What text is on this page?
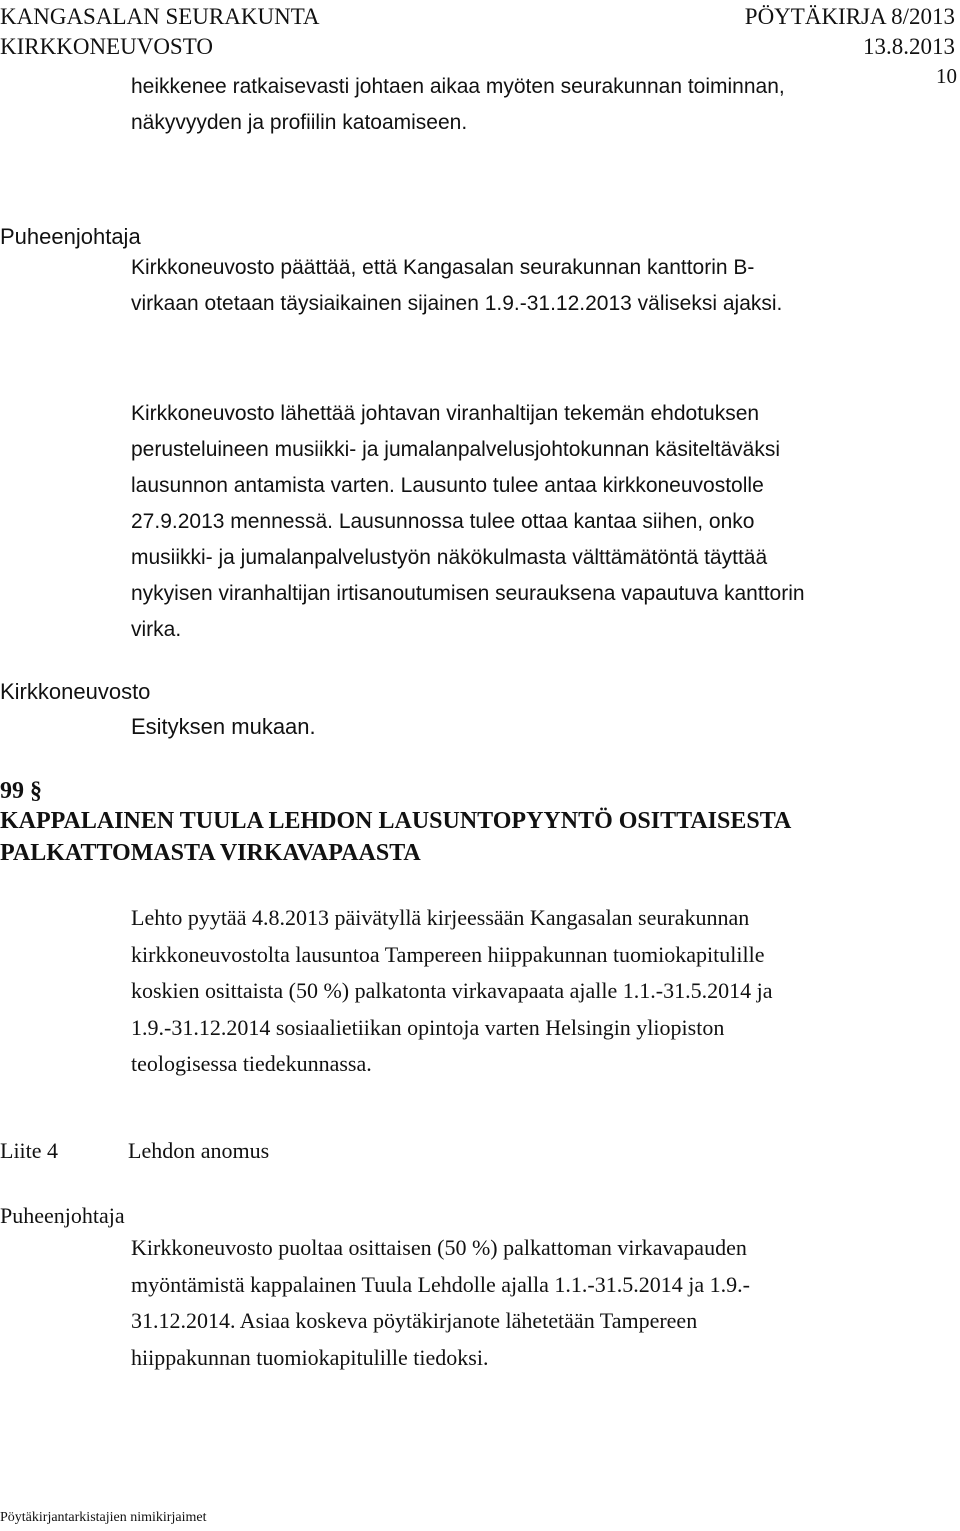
KANGASALAN SEURAKUNTA	PÖYTÄKIRJA 8/2013
KIRKKONEUVOSTO	13.8.2013
10
heikkenee ratkaisevasti johtaen aikaa myöten seurakunnan toiminnan,
näkyvyyden ja profiilin katoamiseen.
Puheenjohtaja
Kirkkoneuvosto päättää, että Kangasalan seurakunnan kanttorin B-
virkaan otetaan täysiaikainen sijainen 1.9.-31.12.2013 väliseksi ajaksi.
Kirkkoneuvosto lähettää johtavan viranhaltijan tekemän ehdotuksen
perusteluineen musiikki- ja jumalanpalvelusjohtokunnan käsiteltäväksi
lausunnon antamista varten. Lausunto tulee antaa kirkkoneuvostolle
27.9.2013 mennessä. Lausunnossa tulee ottaa kantaa siihen, onko
musiikki- ja jumalanpalvelustyön näkökulmasta välttämätöntä täyttää
nykyisen viranhaltijan irtisanoutumisen seurauksena vapautuva kanttorin
virka.
Kirkkoneuvosto
Esityksen mukaan.
99 §
KAPPALAINEN TUULA LEHDON LAUSUNTOPYYNTÖ OSITTAISESTA
PALKATTOMASTA VIRKAVAPAASTA
Lehto pyytää 4.8.2013 päivätyllä kirjeessään Kangasalan seurakunnan
kirkkoneuvostolta lausuntoa Tampereen hiippakunnan tuomiokapitulille
koskien osittaista (50 %) palkatonta virkavapaata ajalle 1.1.-31.5.2014 ja
1.9.-31.12.2014 sosiaalietiikan opintoja varten Helsingin yliopiston
teologisessa tiedekunnassa.
Liite 4	Lehdon anomus
Puheenjohtaja
Kirkkoneuvosto puoltaa osittaisen (50 %) palkattoman virkavapauden
myöntämistä kappalainen Tuula Lehdolle ajalla 1.1.-31.5.2014 ja 1.9.-
31.12.2014. Asiaa koskeva pöytäkirjanote lähetetään Tampereen
hiippakunnan tuomiokapitulille tiedoksi.
Pöytäkirjantarkistajien nimikirjaimet
